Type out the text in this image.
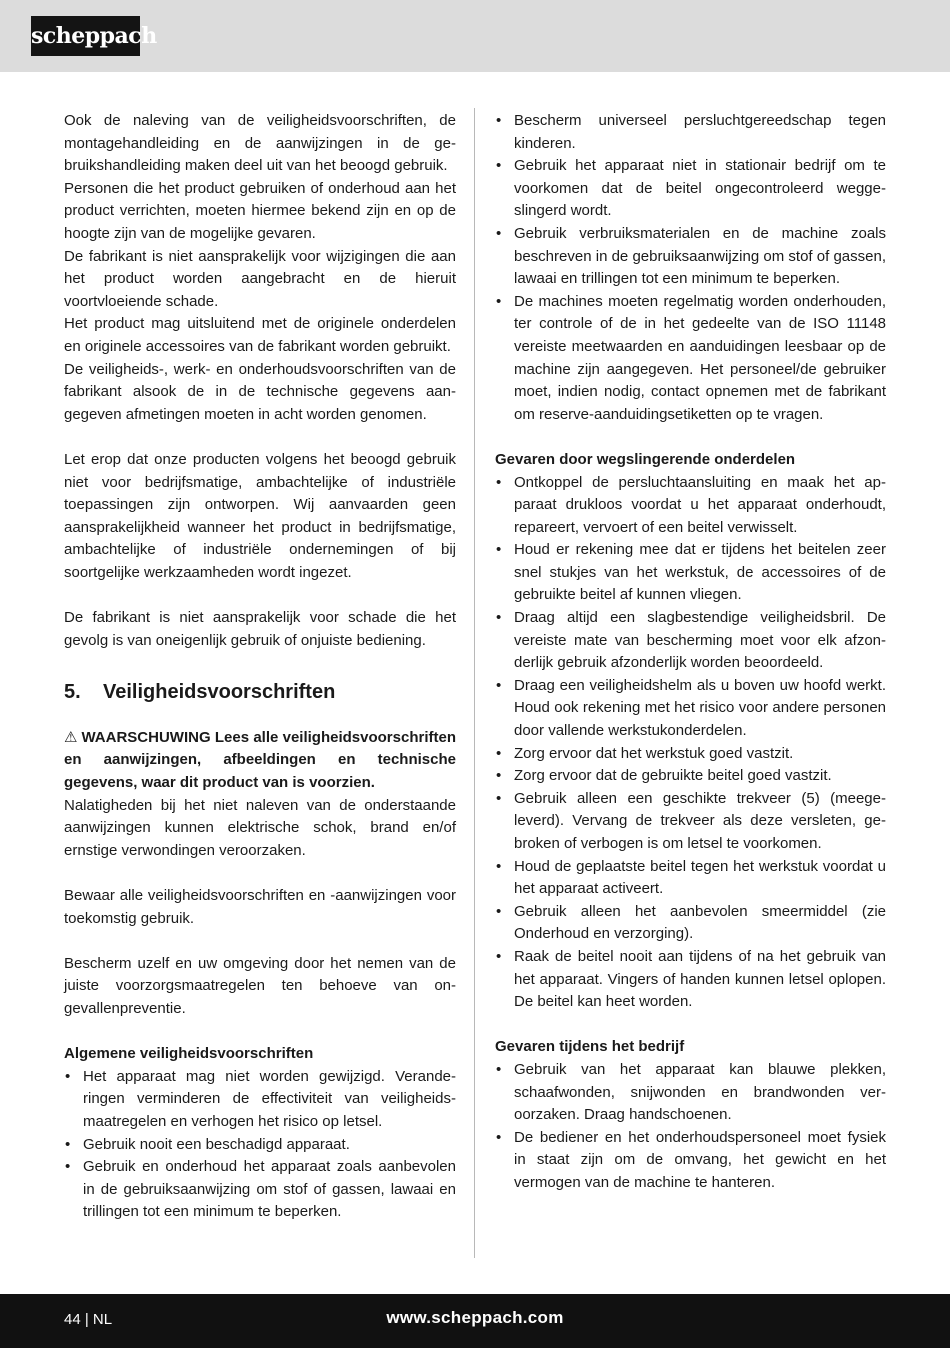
scheppach

Ook de naleving van de veiligheidsvoorschriften, de montagehandleiding en de aanwijzingen in de gebruikshandleiding maken deel uit van het beoogd gebruik.

Personen die het product gebruiken of onderhoud aan het product verrichten, moeten hiermee bekend zijn en op de hoogte zijn van de mogelijke gevaren.

De fabrikant is niet aansprakelijk voor wijzigingen die aan het product worden aangebracht en de hieruit voortvloeiende schade.

Het product mag uitsluitend met de originele onderdelen en originele accessoires van de fabrikant worden gebruikt.

De veiligheids-, werk- en onderhoudsvoorschriften van de fabrikant alsook de in de technische gegevens aangegeven afmetingen moeten in acht worden genomen.

Let erop dat onze producten volgens het beoogd gebruik niet voor bedrijfsmatige, ambachtelijke of industriële toepassingen zijn ontworpen. Wij aanvaarden geen aansprakelijkheid wanneer het product in bedrijfsmatige, ambachtelijke of industriële ondernemingen of bij soortgelijke werkzaamheden wordt ingezet.

De fabrikant is niet aansprakelijk voor schade die het gevolg is van oneigenlijk gebruik of onjuiste bediening.

5.	Veiligheidsvoorschriften

⚠ WAARSCHUWING Lees alle veiligheidsvoorschriften en aanwijzingen, afbeeldingen en technische gegevens, waar dit product van is voorzien.

Nalatigheden bij het niet naleven van de onderstaande aanwijzingen kunnen elektrische schok, brand en/of ernstige verwondingen veroorzaken.

Bewaar alle veiligheidsvoorschriften en -aanwijzingen voor toekomstig gebruik.

Bescherm uzelf en uw omgeving door het nemen van de juiste voorzorgsmaatregelen ten behoeve van ongevallenpreventie.

Algemene veiligheidsvoorschriften
• Het apparaat mag niet worden gewijzigd. Veranderingen verminderen de effectiviteit van veiligheidsmaatregelen en verhogen het risico op letsel.
• Gebruik nooit een beschadigd apparaat.
• Gebruik en onderhoud het apparaat zoals aanbevolen in de gebruiksaanwijzing om stof of gassen, lawaai en trillingen tot een minimum te beperken.
• Bescherm universeel persluchtgereedschap tegen kinderen.
• Gebruik het apparaat niet in stationair bedrijf om te voorkomen dat de beitel ongecontroleerd weggeslingerd wordt.
• Gebruik verbruiksmaterialen en de machine zoals beschreven in de gebruiksaanwijzing om stof of gassen, lawaai en trillingen tot een minimum te beperken.
• De machines moeten regelmatig worden onderhouden, ter controle of de in het gedeelte van de ISO 11148 vereiste meetwaarden en aanduidingen leesbaar op de machine zijn aangegeven. Het personeel/de gebruiker moet, indien nodig, contact opnemen met de fabrikant om reserve-aanduidingsetiketten op te vragen.
Gevaren door wegslingerende onderdelen
• Ontkoppel de persluchtaansluiting en maak het apparaat drukloos voordat u het apparaat onderhoudt, repareert, vervoert of een beitel verwisselt.
• Houd er rekening mee dat er tijdens het beitelen zeer snel stukjes van het werkstuk, de accessoires of de gebruikte beitel af kunnen vliegen.
• Draag altijd een slagbestendige veiligheidsbril. De vereiste mate van bescherming moet voor elk afzonderlijk gebruik afzonderlijk worden beoordeeld.
• Draag een veiligheidshelm als u boven uw hoofd werkt. Houd ook rekening met het risico voor andere personen door vallende werkstukonderdelen.
• Zorg ervoor dat het werkstuk goed vastzit.
• Zorg ervoor dat de gebruikte beitel goed vastzit.
• Gebruik alleen een geschikte trekveer (5) (meegeleverd). Vervang de trekveer als deze versleten, gebroken of verbogen is om letsel te voorkomen.
• Houd de geplaatste beitel tegen het werkstuk voordat u het apparaat activeert.
• Gebruik alleen het aanbevolen smeermiddel (zie Onderhoud en verzorging).
• Raak de beitel nooit aan tijdens of na het gebruik van het apparaat. Vingers of handen kunnen letsel oplopen. De beitel kan heet worden.
Gevaren tijdens het bedrijf
• Gebruik van het apparaat kan blauwe plekken, schaafwonden, snijwonden en brandwonden veroorzaken. Draag handschoenen.
• De bediener en het onderhoudspersoneel moet fysiek in staat zijn om de omvang, het gewicht en het vermogen van de machine te hanteren.
44 | NL	www.scheppach.com
